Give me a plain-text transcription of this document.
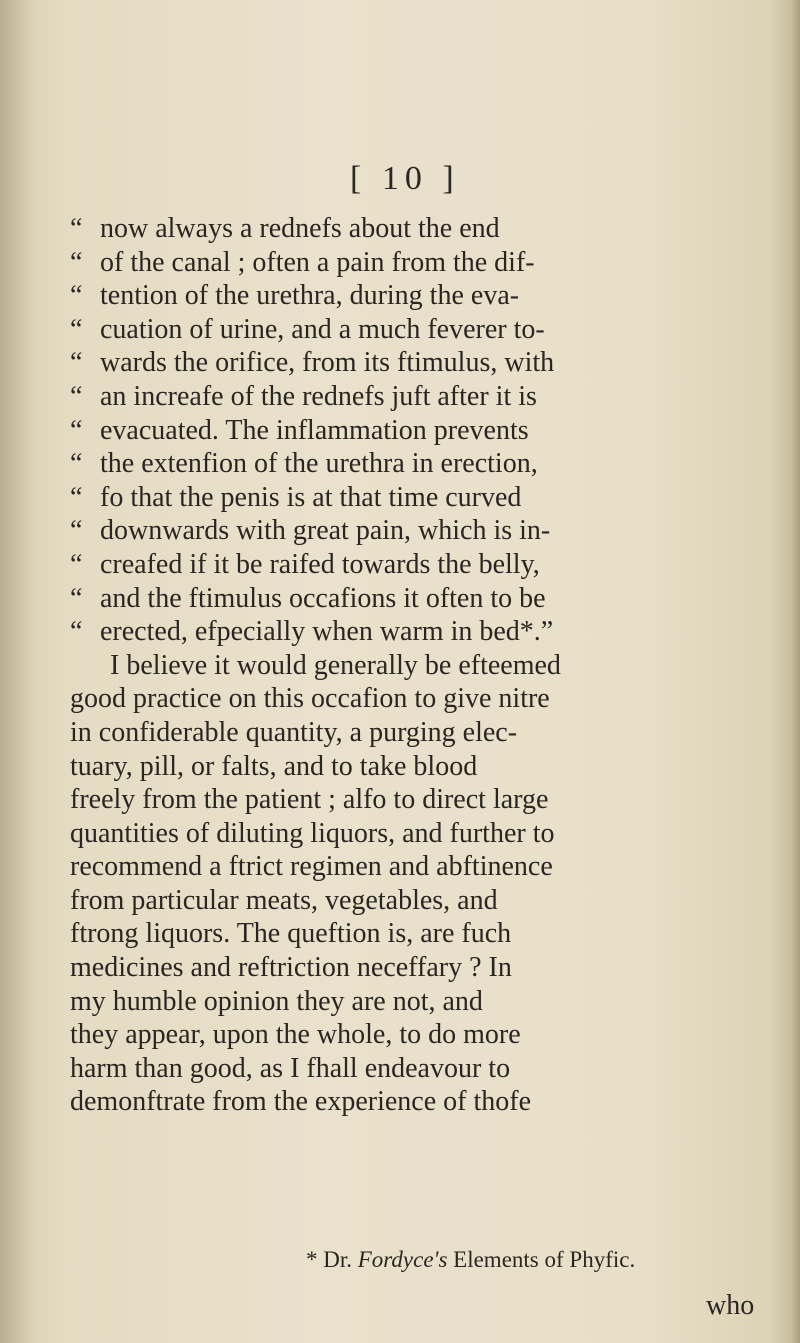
[ 10 ]
“ now always a rednefs about the end
“ of the canal ; often a pain from the dif-
“ tention of the urethra, during the eva-
“ cuation of urine, and a much feverer to-
“ wards the orifice, from its ftimulus, with
“ an increafe of the rednefs juft after it is
“ evacuated. The inflammation prevents
“ the extenfion of the urethra in erection,
“ fo that the penis is at that time curved
“ downwards with great pain, which is in-
“ creafed if it be raifed towards the belly,
“ and the ftimulus occafions it often to be
“ erected, efpecially when warm in bed*.”
I believe it would generally be efteemed
good practice on this occafion to give nitre
in confiderable quantity, a purging elec-
tuary, pill, or falts, and to take blood
freely from the patient ; alfo to direct large
quantities of diluting liquors, and further to
recommend a ftrict regimen and abftinence
from particular meats, vegetables, and
ftrong liquors. The queftion is, are fuch
medicines and reftriction neceffary ? In
my humble opinion they are not, and
they appear, upon the whole, to do more
harm than good, as I fhall endeavour to
demonftrate from the experience of thofe
* Dr. Fordyce's Elements of Phyfic.
who
